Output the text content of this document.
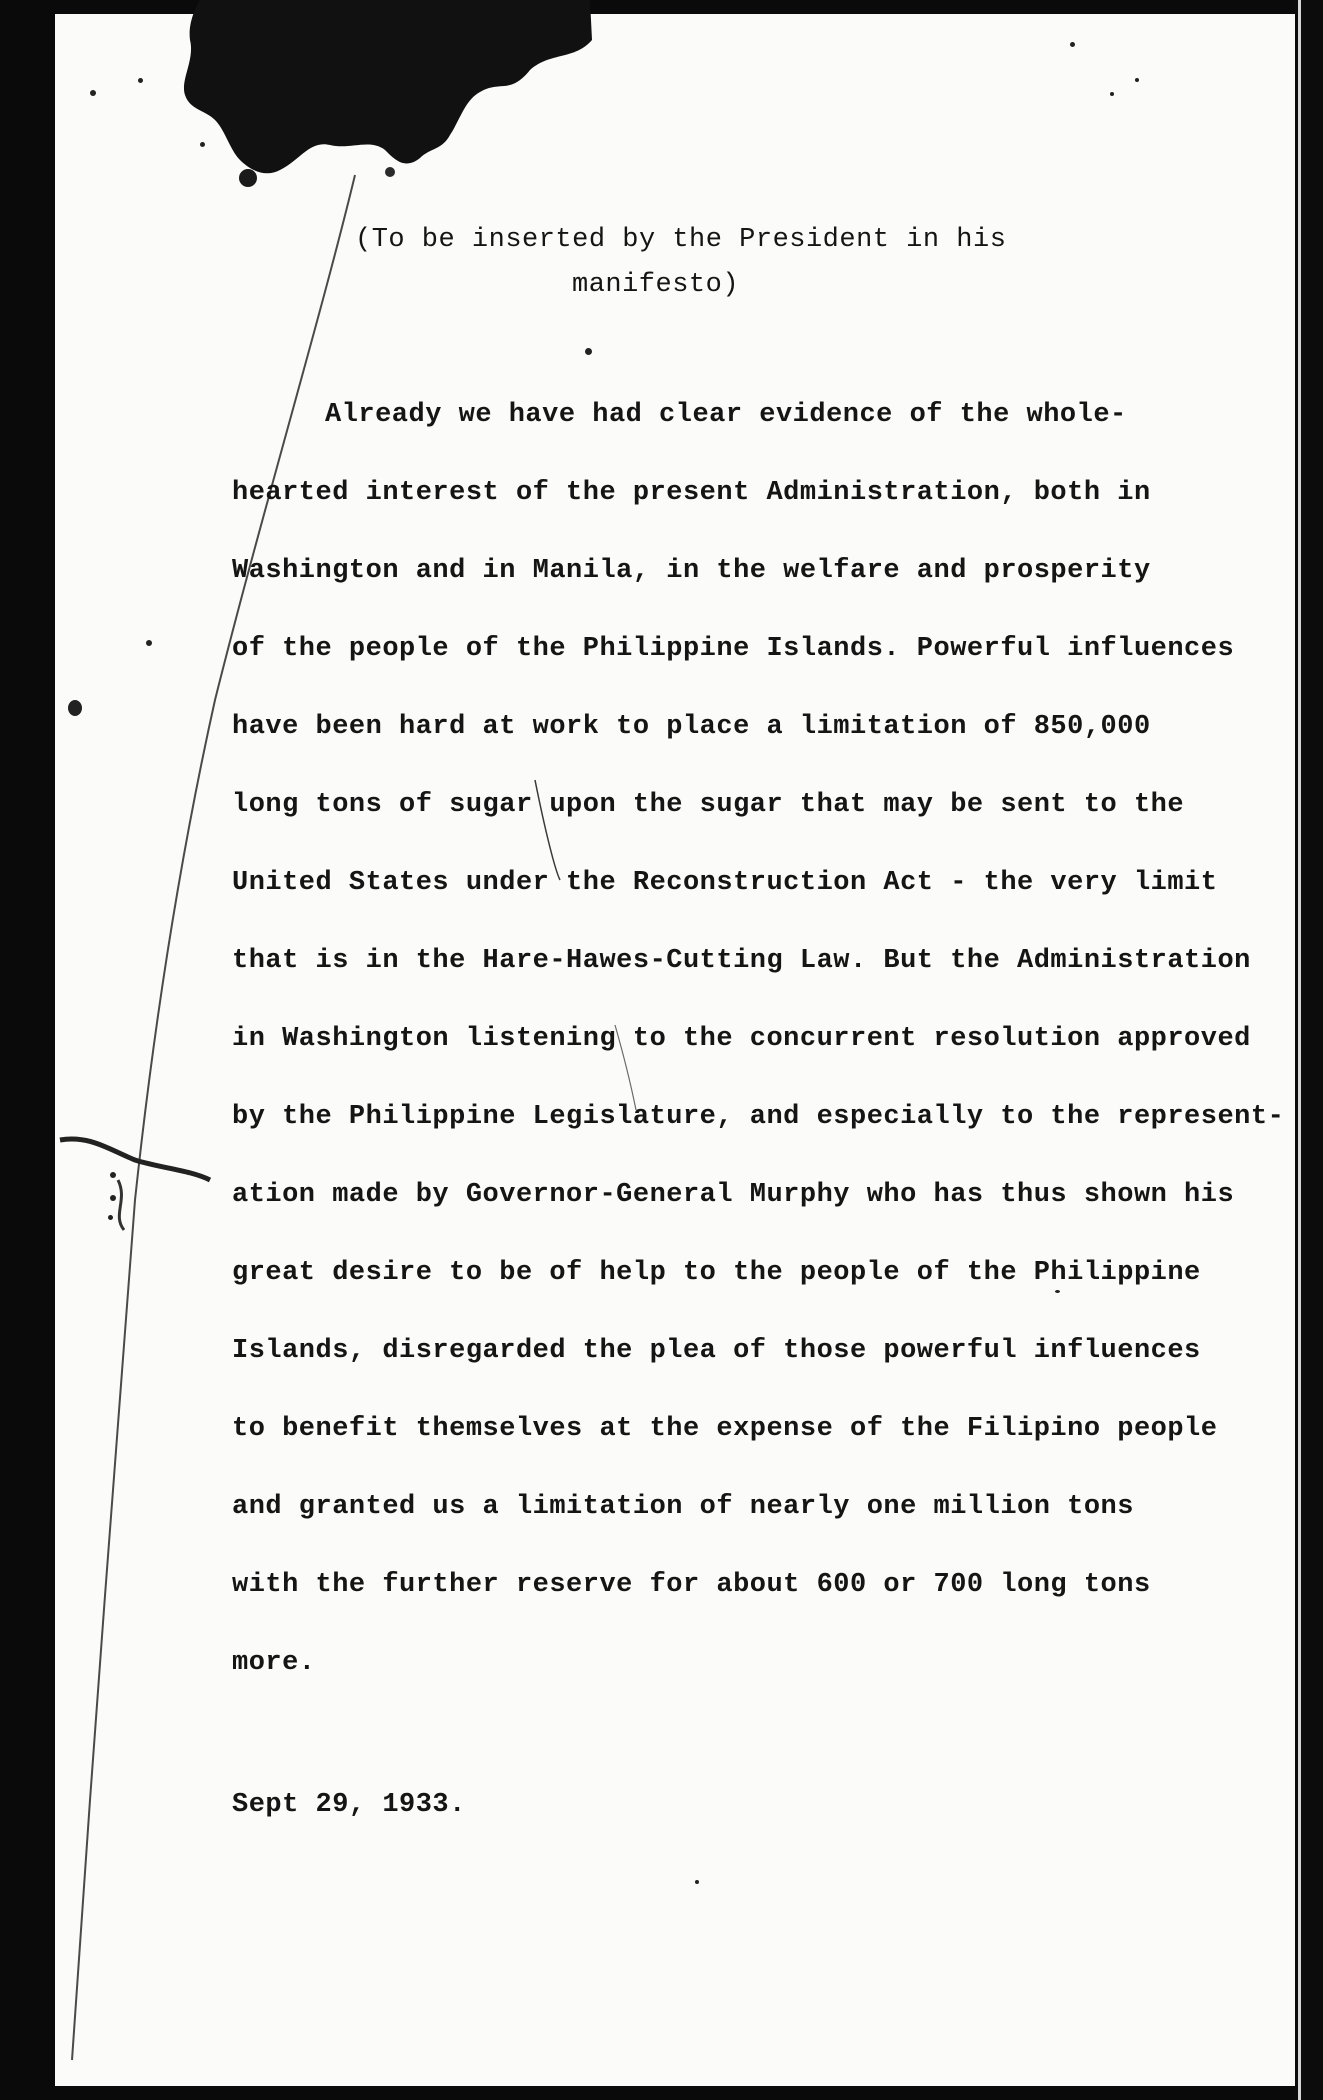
(To be inserted by the President in his

manifesto)

Already we have had clear evidence of the whole-

hearted interest of the present Administration, both in

Washington and in Manila, in the welfare and prosperity

of the people of the Philippine Islands. Powerful influences

have been hard at work to place a limitation of 850,000

long tons of sugar upon the sugar that may be sent to the

United States under the Reconstruction Act - the very limit

that is in the Hare-Hawes-Cutting Law. But the Administration

in Washington listening to the concurrent resolution approved

by the Philippine Legislature, and especially to the represent-

ation made by Governor-General Murphy who has thus shown his

great desire to be of help to the people of the Philippine

Islands, disregarded the plea of those powerful influences

to benefit themselves at the expense of the Filipino people

and granted us a limitation of nearly one million tons

with the further reserve for about 600 or 700 long tons

more.

Sept 29, 1933.
